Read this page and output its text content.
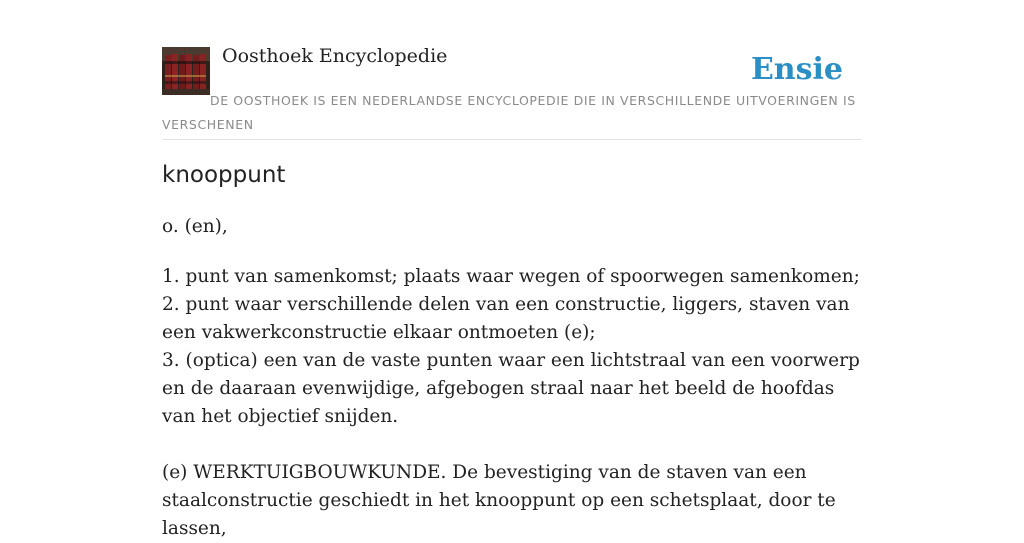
Oosthoek Encyclopedie	Ensie
DE OOSTHOEK IS EEN NEDERLANDSE ENCYCLOPEDIE DIE IN VERSCHILLENDE UITVOERINGEN IS VERSCHENEN
knooppunt
o. (en),

1. punt van samenkomst; plaats waar wegen of spoorwegen samenkomen;

2. punt waar verschillende delen van een constructie, liggers, staven van een vakwerkconstructie elkaar ontmoeten (e);

3. (optica) een van de vaste punten waar een lichtstraal van een voorwerp en de daaraan evenwijdige, afgebogen straal naar het beeld de hoofdas van het objectief snijden.

(e) WERKTUIGBOUWKUNDE. De bevestiging van de staven van een staalconstructie geschiedt in het knooppunt op een schetsplaat, door te lassen,
